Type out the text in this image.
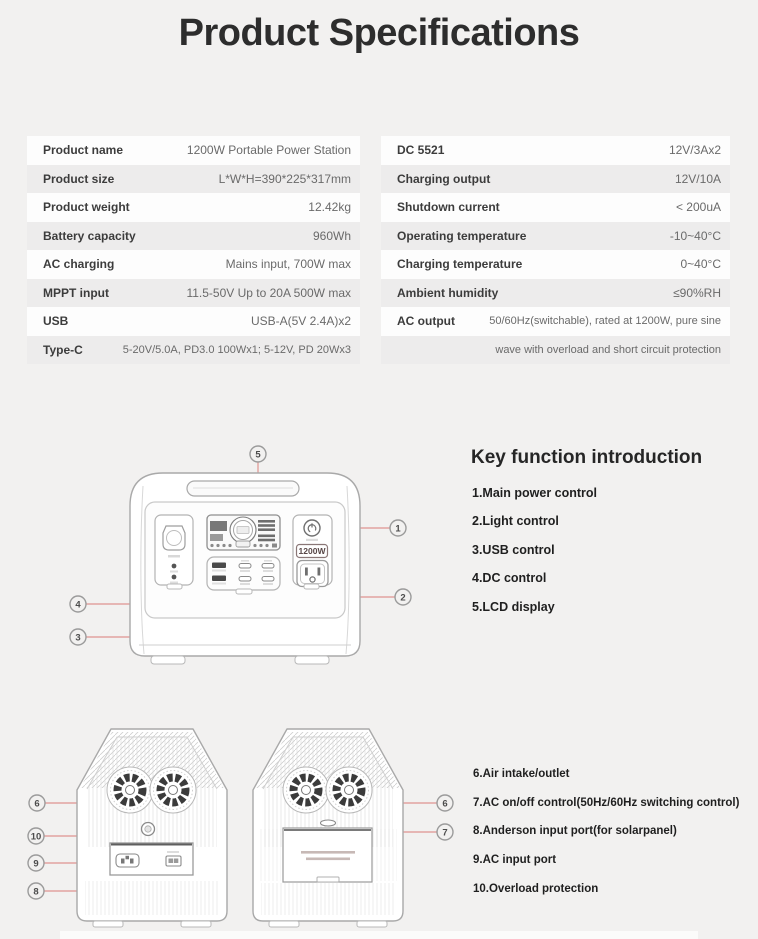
Product Specifications
Product name	1200W Portable Power Station
Product size	L*W*H=390*225*317mm
Product weight	12.42kg
Battery capacity	960Wh
AC charging	Mains input, 700W max
MPPT input	11.5-50V Up to 20A 500W max
USB	USB-A(5V 2.4A)x2
Type-C	5-20V/5.0A, PD3.0 100Wx1; 5-12V, PD 20Wx3
DC 5521	12V/3Ax2
Charging output	12V/10A
Shutdown current	< 200uA
Operating temperature	-10~40°C
Charging temperature	0~40°C
Ambient humidity	≤90%RH
AC output	50/60Hz(switchable), rated at 1200W, pure sine
wave with overload and short circuit protection
1200W
1
2
3
4
5	Key function introduction
1.Main power control
2.Light control
3.USB control
4.DC control
5.LCD display
6
10
9
8
6
7
6.Air intake/outlet
7.AC on/off control(50Hz/60Hz switching control)
8.Anderson input port(for solarpanel)
9.AC input port
10.Overload protection
